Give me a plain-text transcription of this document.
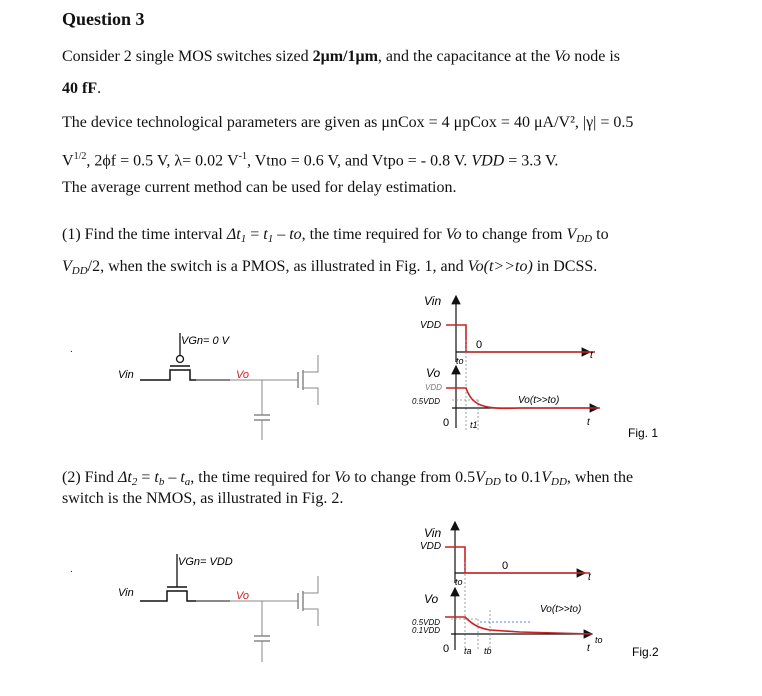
Question 3
Consider 2 single MOS switches sized 2μm/1μm, and the capacitance at the Vo node is
40 fF.
The device technological parameters are given as μnCox = 4 μpCox = 40 μA/V², |γ| = 0.5
$V^{1/2}$, 2ϕf = 0.5 V, λ= 0.02 $V^{-1}$, Vtno = 0.6 V, and Vtpo = - 0.8 V. VDD = 3.3 V.
The average current method can be used for delay estimation.
(1) Find the time interval Δt1 = t1 – to, the time required for Vo to change from VDD to
VDD/2, when the switch is a PMOS, as illustrated in Fig. 1, and Vo(t>>to) in DCSS.
(2) Find Δt2 = tb – ta, the time required for Vo to change from 0.5VDD to 0.1VDD, when the
switch is the NMOS, as illustrated in Fig. 2.
.
VGn= 0 V
Vin	Vo
Vin
VDD
0
to	t
Vo
VDD
0.5VDD
0 t1
Vo(t>>to)
t
Fig. 1
.
VGn= VDD
Vin	Vo
Vin
VDD
0
to	t
Vo
0.5VDD
0.1VDD
0 ta tb
Vo(t>>to)
t
to
Fig.2
